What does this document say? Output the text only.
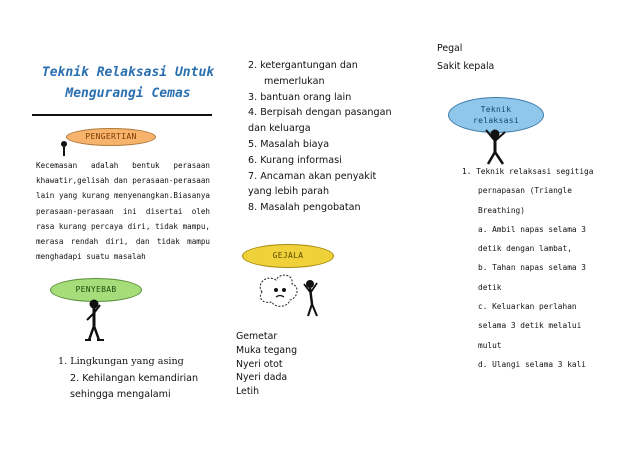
Teknik Relaksasi Untuk
Mengurangi Cemas
PENGERTIAN
Kecemasan adalah bentuk perasaan khawatir,gelisah dan perasaan-perasaan lain yang kurang menyenangkan.Biasanya perasaan-perasaan ini disertai oleh rasa kurang percaya diri, tidak mampu, merasa rendah diri, dan tidak mampu menghadapi suatu masalah
PENYEBAB
1. Lingkungan yang asing
2. Kehilangan kemandirian
sehingga mengalami
2. ketergantungan dan
memerlukan
3. bantuan orang lain
4. Berpisah dengan pasangan
dan keluarga
5. Masalah biaya
6. Kurang informasi
7. Ancaman akan penyakit
yang lebih parah
8. Masalah pengobatan
GEJALA
Gemetar
Muka tegang
Nyeri otot
Nyeri dada
Letih
Pegal
Sakit kepala
Teknik
relaksasi
1. Teknik relaksasi segitiga
pernapasan (Triangle
Breathing)
a. Ambil napas selama 3
detik dengan lambat,
b. Tahan napas selama 3
detik
c. Keluarkan perlahan
selama 3 detik melalui
mulut
d. Ulangi selama 3 kali
